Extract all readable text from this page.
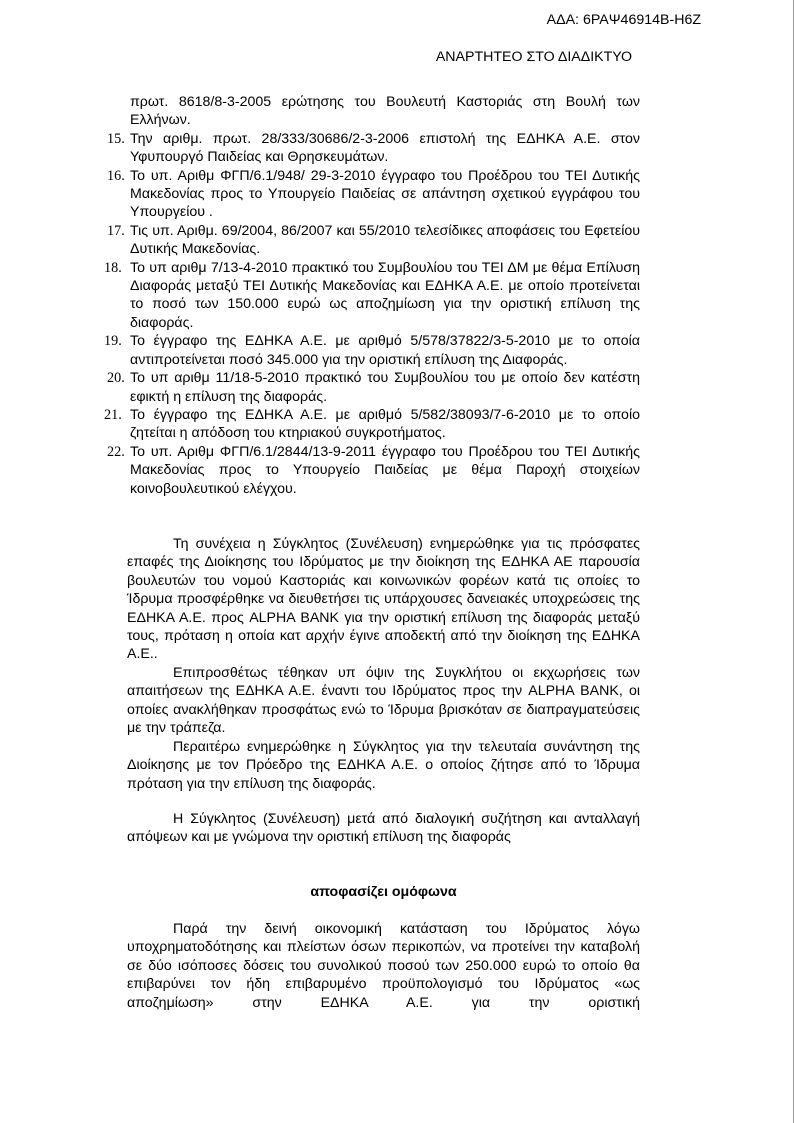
ΑΔΑ: 6ΡΑΨ46914Β-Η6Ζ
ΑΝΑΡΤΗΤΕΟ ΣΤΟ ΔΙΑΔΙΚΤΥΟ
πρωτ. 8618/8-3-2005 ερώτησης του Βουλευτή Καστοριάς στη Βουλή των Ελλήνων.
15. Την αριθμ. πρωτ. 28/333/30686/2-3-2006 επιστολή της ΕΔΗΚΑ Α.Ε. στον Υφυπουργό Παιδείας και Θρησκευμάτων.
16. Το υπ. Αριθμ ΦΓΠ/6.1/948/ 29-3-2010 έγγραφο του Προέδρου του ΤΕΙ Δυτικής Μακεδονίας προς το Υπουργείο Παιδείας σε απάντηση σχετικού εγγράφου του Υπουργείου .
17. Τις υπ. Αριθμ. 69/2004, 86/2007 και 55/2010 τελεσίδικες αποφάσεις του Εφετείου Δυτικής Μακεδονίας.
18. Το υπ αριθμ 7/13-4-2010 πρακτικό του Συμβουλίου του ΤΕΙ ΔΜ με θέμα Επίλυση Διαφοράς μεταξύ ΤΕΙ Δυτικής Μακεδονίας και ΕΔΗΚΑ Α.Ε. με οποίο προτείνεται το ποσό των 150.000 ευρώ ως αποζημίωση για την οριστική επίλυση της διαφοράς.
19. Το έγγραφο της ΕΔΗΚΑ Α.Ε. με αριθμό 5/578/37822/3-5-2010 με το οποία αντιπροτείνεται ποσό 345.000 για την οριστική επίλυση της Διαφοράς.
20. Το υπ αριθμ 11/18-5-2010 πρακτικό του Συμβουλίου του με οποίο δεν κατέστη εφικτή η επίλυση της διαφοράς.
21. Το έγγραφο της ΕΔΗΚΑ Α.Ε. με αριθμό 5/582/38093/7-6-2010 με το οποίο ζητείται η απόδοση του κτηριακού συγκροτήματος.
22. Το υπ. Αριθμ ΦΓΠ/6.1/2844/13-9-2011 έγγραφο του Προέδρου του ΤΕΙ Δυτικής Μακεδονίας προς το Υπουργείο Παιδείας με θέμα Παροχή στοιχείων κοινοβουλευτικού ελέγχου.

Τη συνέχεια η Σύγκλητος (Συνέλευση) ενημερώθηκε για τις πρόσφατες επαφές της Διοίκησης του Ιδρύματος με την διοίκηση της ΕΔΗΚΑ ΑΕ παρουσία βουλευτών του νομού Καστοριάς και κοινωνικών φορέων κατά τις οποίες το Ίδρυμα προσφέρθηκε να διευθετήσει τις υπάρχουσες δανειακές υποχρεώσεις της ΕΔΗΚΑ Α.Ε. προς ALPHA BANK για την οριστική επίλυση της διαφοράς μεταξύ τους, πρόταση η οποία κατ αρχήν έγινε αποδεκτή από την διοίκηση της ΕΔΗΚΑ Α.Ε..

Επιπροσθέτως τέθηκαν υπ όψιν της Συγκλήτου οι εκχωρήσεις των απαιτήσεων της ΕΔΗΚΑ Α.Ε. έναντι του Ιδρύματος προς την ALPHA BANK, οι οποίες ανακλήθηκαν προσφάτως ενώ το Ίδρυμα βρισκόταν σε διαπραγματεύσεις με την τράπεζα.

Περαιτέρω ενημερώθηκε η Σύγκλητος για την τελευταία συνάντηση της Διοίκησης με τον Πρόεδρο της ΕΔΗΚΑ Α.Ε. ο οποίος ζήτησε από το Ίδρυμα πρόταση για την επίλυση της διαφοράς.

Η Σύγκλητος (Συνέλευση) μετά από διαλογική συζήτηση και ανταλλαγή απόψεων και με γνώμονα την οριστική επίλυση της διαφοράς

αποφασίζει ομόφωνα

Παρά την δεινή οικονομική κατάσταση του Ιδρύματος λόγω υποχρηματοδότησης και πλείστων όσων περικοπών, να προτείνει την καταβολή σε δύο ισόποσες δόσεις του συνολικού ποσού των 250.000 ευρώ το οποίο θα επιβαρύνει τον ήδη επιβαρυμένο προϋπολογισμό του Ιδρύματος «ως αποζημίωση» στην ΕΔΗΚΑ Α.Ε. για την οριστική
